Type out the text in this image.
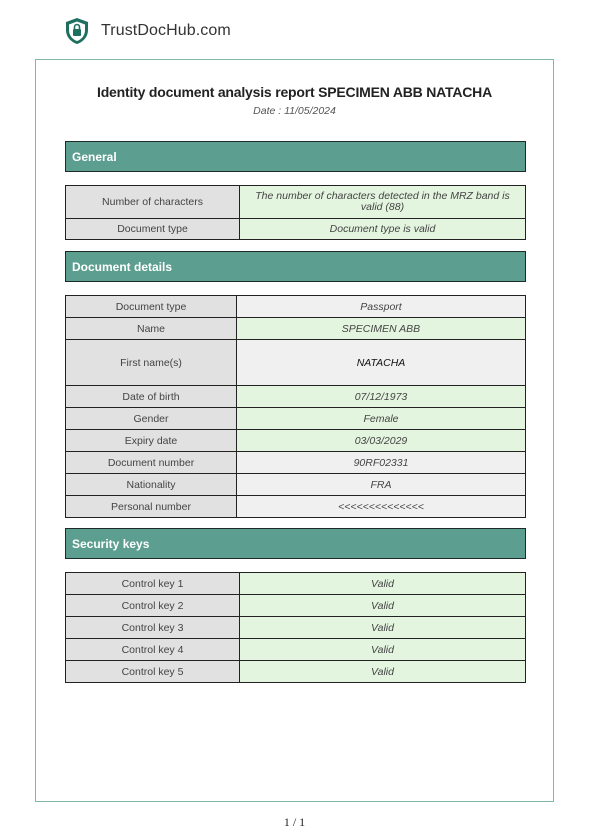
TrustDocHub.com
Identity document analysis report SPECIMEN ABB NATACHA
Date : 11/05/2024
General
Number of characters	The number of characters detected in the MRZ band is valid (88)
Document type	Document type is valid
Document details
Document type	Passport
Name	SPECIMEN ABB
First name(s)	NATACHA
Date of birth	07/12/1973
Gender	Female
Expiry date	03/03/2029
Document number	90RF02331
Nationality	FRA
Personal number	<<<<<<<<<<<<<<
Security keys
Control key 1	Valid
Control key 2	Valid
Control key 3	Valid
Control key 4	Valid
Control key 5	Valid
1 / 1
